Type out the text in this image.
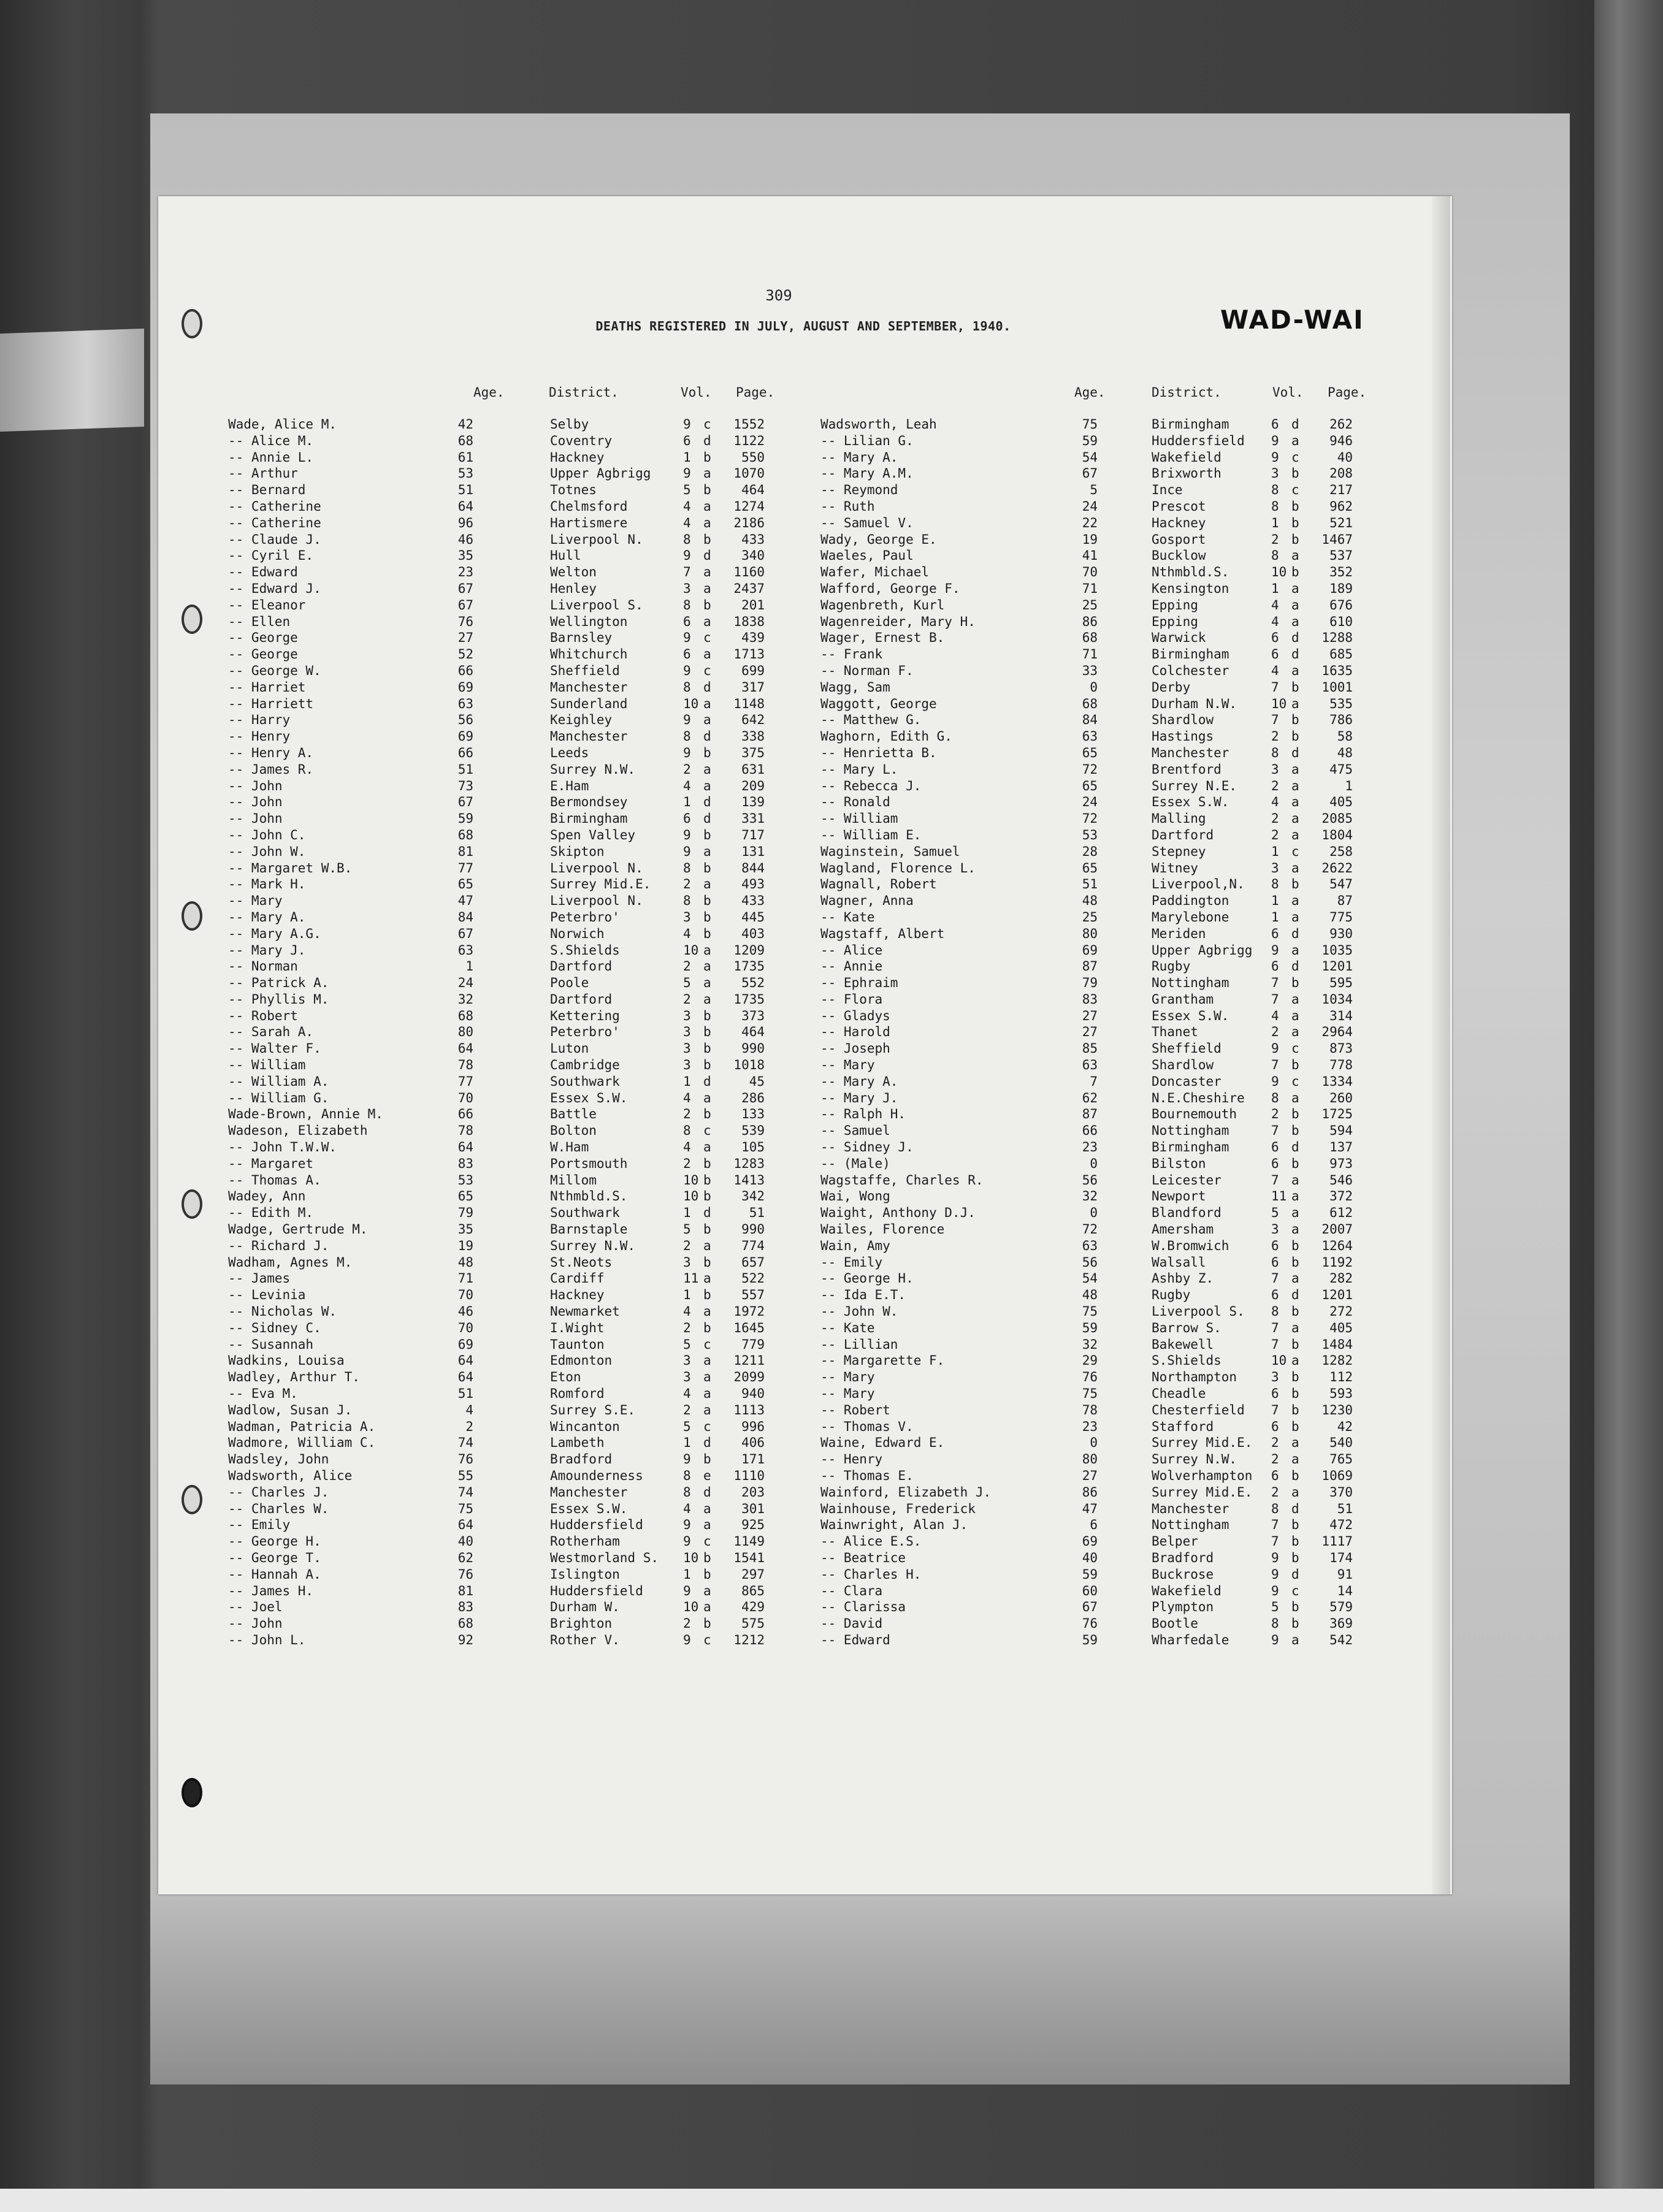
309
DEATHS REGISTERED IN JULY, AUGUST AND SEPTEMBER, 1940.	WAD-WAI
Age.	District.	Vol. Page.	Age.	District.	Vol. Page.
Wade, Alice M.	42	Selby	9 c	1552
-- Alice M.	68	Coventry	6 d	1122
-- Annie L.	61	Hackney	1 b	550
-- Arthur	53	Upper Agbrigg	9 a	1070
-- Bernard	51	Totnes	5 b	464
-- Catherine	64	Chelmsford	4 a	1274
-- Catherine	96	Hartismere	4 a	2186
-- Claude J.	46	Liverpool N.	8 b	433
-- Cyril E.	35	Hull	9 d	340
-- Edward	23	Welton	7 a	1160
-- Edward J.	67	Henley	3 a	2437
-- Eleanor	67	Liverpool S.	8 b	201
-- Ellen	76	Wellington	6 a	1838
-- George	27	Barnsley	9 c	439
-- George	52	Whitchurch	6 a	1713
-- George W.	66	Sheffield	9 c	699
-- Harriet	69	Manchester	8 d	317
-- Harriett	63	Sunderland	10 a	1148
-- Harry	56	Keighley	9 a	642
-- Henry	69	Manchester	8 d	338
-- Henry A.	66	Leeds	9 b	375
-- James R.	51	Surrey N.W.	2 a	631
-- John	73	E.Ham	4 a	209
-- John	67	Bermondsey	1 d	139
-- John	59	Birmingham	6 d	331
-- John C.	68	Spen Valley	9 b	717
-- John W.	81	Skipton	9 a	131
-- Margaret W.B.	77	Liverpool N.	8 b	844
-- Mark H.	65	Surrey Mid.E.	2 a	493
-- Mary	47	Liverpool N.	8 b	433
-- Mary A.	84	Peterbro'	3 b	445
-- Mary A.G.	67	Norwich	4 b	403
-- Mary J.	63	S.Shields	10 a	1209
-- Norman	1	Dartford	2 a	1735
-- Patrick A.	24	Poole	5 a	552
-- Phyllis M.	32	Dartford	2 a	1735
-- Robert	68	Kettering	3 b	373
-- Sarah A.	80	Peterbro'	3 b	464
-- Walter F.	64	Luton	3 b	990
-- William	78	Cambridge	3 b	1018
-- William A.	77	Southwark	1 d	45
-- William G.	70	Essex S.W.	4 a	286
Wade-Brown, Annie M.	66	Battle	2 b	133
Wadeson, Elizabeth	78	Bolton	8 c	539
-- John T.W.W.	64	W.Ham	4 a	105
-- Margaret	83	Portsmouth	2 b	1283
-- Thomas A.	53	Millom	10 b	1413
Wadey, Ann	65	Nthmbld.S.	10 b	342
-- Edith M.	79	Southwark	1 d	51
Wadge, Gertrude M.	35	Barnstaple	5 b	990
-- Richard J.	19	Surrey N.W.	2 a	774
Wadham, Agnes M.	48	St.Neots	3 b	657
-- James	71	Cardiff	11 a	522
-- Levinia	70	Hackney	1 b	557
-- Nicholas W.	46	Newmarket	4 a	1972
-- Sidney C.	70	I.Wight	2 b	1645
-- Susannah	69	Taunton	5 c	779
Wadkins, Louisa	64	Edmonton	3 a	1211
Wadley, Arthur T.	64	Eton	3 a	2099
-- Eva M.	51	Romford	4 a	940
Wadlow, Susan J.	4	Surrey S.E.	2 a	1113
Wadman, Patricia A.	2	Wincanton	5 c	996
Wadmore, William C.	74	Lambeth	1 d	406
Wadsley, John	76	Bradford	9 b	171
Wadsworth, Alice	55	Amounderness	8 e	1110
-- Charles J.	74	Manchester	8 d	203
-- Charles W.	75	Essex S.W.	4 a	301
-- Emily	64	Huddersfield	9 a	925
-- George H.	40	Rotherham	9 c	1149
-- George T.	62	Westmorland S. 10 b	1541
-- Hannah A.	76	Islington	1 b	297
-- James H.	81	Huddersfield	9 a	865
-- Joel	83	Durham W.	10 a	429
-- John	68	Brighton	2 b	575
-- John L.	92	Rother V.	9 c	1212
Wadsworth, Leah	75	Birmingham	6 d	262
-- Lilian G.	59	Huddersfield 9 a	946
-- Mary A.	54	Wakefield	9 c	40
-- Mary A.M.	67	Brixworth	3 b	208
-- Reymond	5	Ince	8 c	217
-- Ruth	24	Prescot	8 b	962
-- Samuel V.	22	Hackney	1 b	521
Wady, George E.	19	Gosport	2 b	1467
Waeles, Paul	41	Bucklow	8 a	537
Wafer, Michael	70	Nthmbld.S.	10 b	352
Wafford, George F.	71	Kensington	1 a	189
Wagenbreth, Kurl	25	Epping	4 a	676
Wagenreider, Mary H.	86	Epping	4 a	610
Wager, Ernest B.	68	Warwick	6 d	1288
-- Frank	71	Birmingham	6 d	685
-- Norman F.	33	Colchester	4 a	1635
Wagg, Sam	0	Derby	7 b	1001
Waggott, George	68	Durham N.W.	10 a	535
-- Matthew G.	84	Shardlow	7 b	786
Waghorn, Edith G.	63	Hastings	2 b	58
-- Henrietta B.	65	Manchester	8 d	48
-- Mary L.	72	Brentford	3 a	475
-- Rebecca J.	65	Surrey N.E.	2 a	1
-- Ronald	24	Essex S.W.	4 a	405
-- William	72	Malling	2 a	2085
-- William E.	53	Dartford	2 a	1804
Waginstein, Samuel	28	Stepney	1 c	258
Wagland, Florence L.	65	Witney	3 a	2622
Wagnall, Robert	51	Liverpool,N. 8 b	547
Wagner, Anna	48	Paddington	1 a	87
-- Kate	25	Marylebone	1 a	775
Wagstaff, Albert	80	Meriden	6 d	930
-- Alice	69	Upper Agbrigg 9 a	1035
-- Annie	87	Rugby	6 d	1201
-- Ephraim	79	Nottingham	7 b	595
-- Flora	83	Grantham	7 a	1034
-- Gladys	27	Essex S.W.	4 a	314
-- Harold	27	Thanet	2 a	2964
-- Joseph	85	Sheffield	9 c	873
-- Mary	63	Shardlow	7 b	778
-- Mary A.	7	Doncaster	9 c	1334
-- Mary J.	62	N.E.Cheshire 8 a	260
-- Ralph H.	87	Bournemouth	2 b	1725
-- Samuel	66	Nottingham	7 b	594
-- Sidney J.	23	Birmingham	6 d	137
-- (Male)	0	Bilston	6 b	973
Wagstaffe, Charles R.	56	Leicester	7 a	546
Wai, Wong	32	Newport	11 a	372
Waight, Anthony D.J.	0	Blandford	5 a	612
Wailes, Florence	72	Amersham	3 a	2007
Wain, Amy	63	W.Bromwich	6 b	1264
-- Emily	56	Walsall	6 b	1192
-- George H.	54	Ashby Z.	7 a	282
-- Ida E.T.	48	Rugby	6 d	1201
-- John W.	75	Liverpool S. 8 b	272
-- Kate	59	Barrow S.	7 a	405
-- Lillian	32	Bakewell	7 b	1484
-- Margarette F.	29	S.Shields	10 a	1282
-- Mary	76	Northampton	3 b	112
-- Mary	75	Cheadle	6 b	593
-- Robert	78	Chesterfield 7 b	1230
-- Thomas V.	23	Stafford	6 b	42
Waine, Edward E.	0	Surrey Mid.E. 2 a	540
-- Henry	80	Surrey N.W.	2 a	765
-- Thomas E.	27	Wolverhampton 6 b	1069
Wainford, Elizabeth J.	86	Surrey Mid.E. 2 a	370
Wainhouse, Frederick	47	Manchester	8 d	51
Wainwright, Alan J.	6	Nottingham	7 b	472
-- Alice E.S.	69	Belper	7 b	1117
-- Beatrice	40	Bradford	9 b	174
-- Charles H.	59	Buckrose	9 d	91
-- Clara	60	Wakefield	9 c	14
-- Clarissa	67	Plympton	5 b	579
-- David	76	Bootle	8 b	369
-- Edward	59	Wharfedale	9 a	542
